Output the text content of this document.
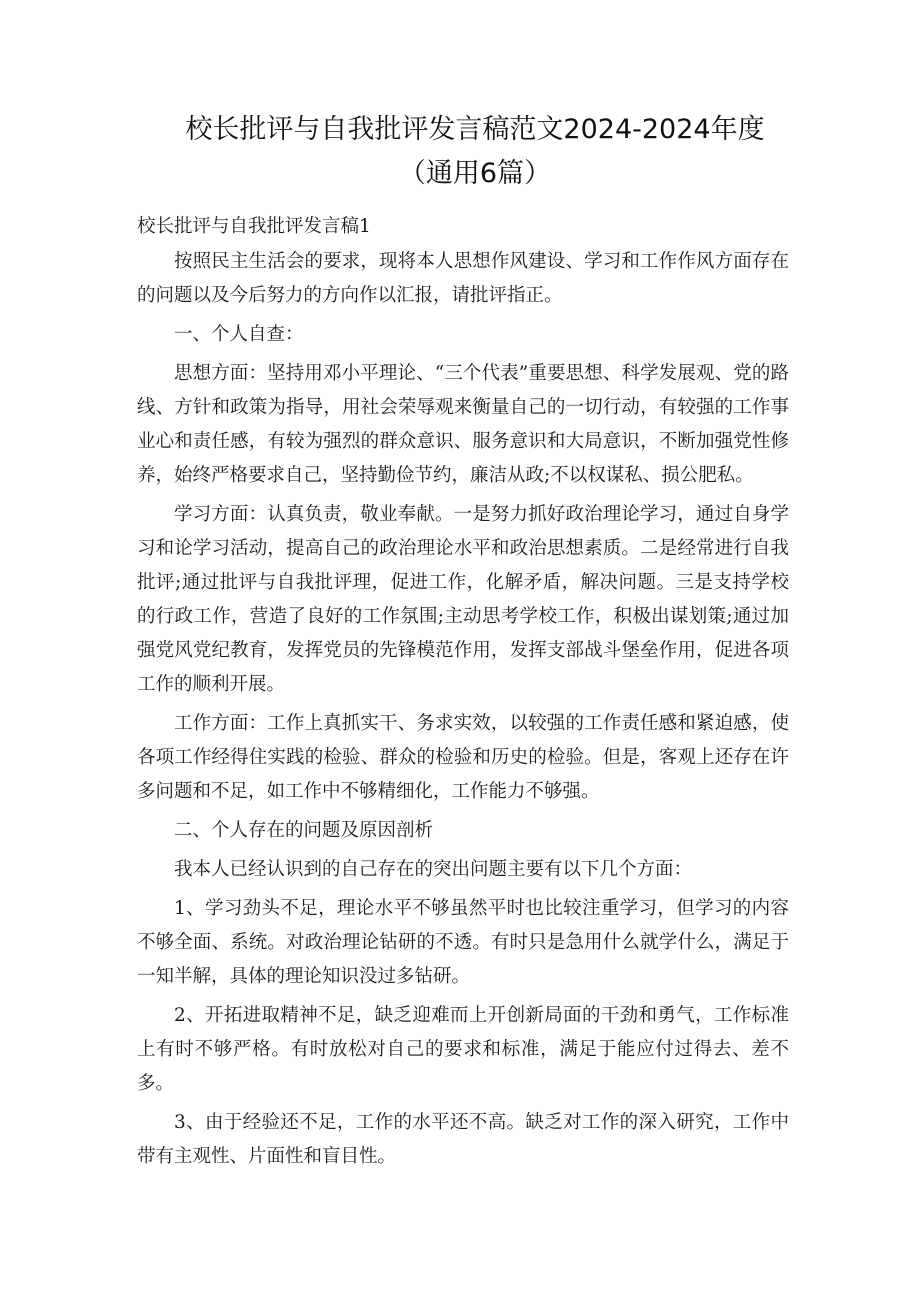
校长批评与自我批评发言稿范文2024-2024年度（通用6篇）

校长批评与自我批评发言稿1

按照民主生活会的要求，现将本人思想作风建设、学习和工作作风方面存在的问题以及今后努力的方向作以汇报，请批评指正。

一、个人自查：

思想方面：坚持用邓小平理论、“三个代表”重要思想、科学发展观、党的路线、方针和政策为指导，用社会荣辱观来衡量自己的一切行动，有较强的工作事业心和责任感，有较为强烈的群众意识、服务意识和大局意识，不断加强党性修养，始终严格要求自己，坚持勤俭节约，廉洁从政;不以权谋私、损公肥私。

学习方面：认真负责，敬业奉献。一是努力抓好政治理论学习，通过自身学习和论学习活动，提高自己的政治理论水平和政治思想素质。二是经常进行自我批评;通过批评与自我批评理，促进工作，化解矛盾，解决问题。三是支持学校的行政工作，营造了良好的工作氛围;主动思考学校工作，积极出谋划策;通过加强党风党纪教育，发挥党员的先锋模范作用，发挥支部战斗堡垒作用，促进各项工作的顺利开展。

工作方面：工作上真抓实干、务求实效，以较强的工作责任感和紧迫感，使各项工作经得住实践的检验、群众的检验和历史的检验。但是，客观上还存在许多问题和不足，如工作中不够精细化，工作能力不够强。

二、个人存在的问题及原因剖析

我本人已经认识到的自己存在的突出问题主要有以下几个方面：

1、学习劲头不足，理论水平不够虽然平时也比较注重学习，但学习的内容不够全面、系统。对政治理论钻研的不透。有时只是急用什么就学什么，满足于一知半解，具体的理论知识没过多钻研。

2、开拓进取精神不足，缺乏迎难而上开创新局面的干劲和勇气，工作标准上有时不够严格。有时放松对自己的要求和标准，满足于能应付过得去、差不多。

3、由于经验还不足，工作的水平还不高。缺乏对工作的深入研究，工作中带有主观性、片面性和盲目性。
